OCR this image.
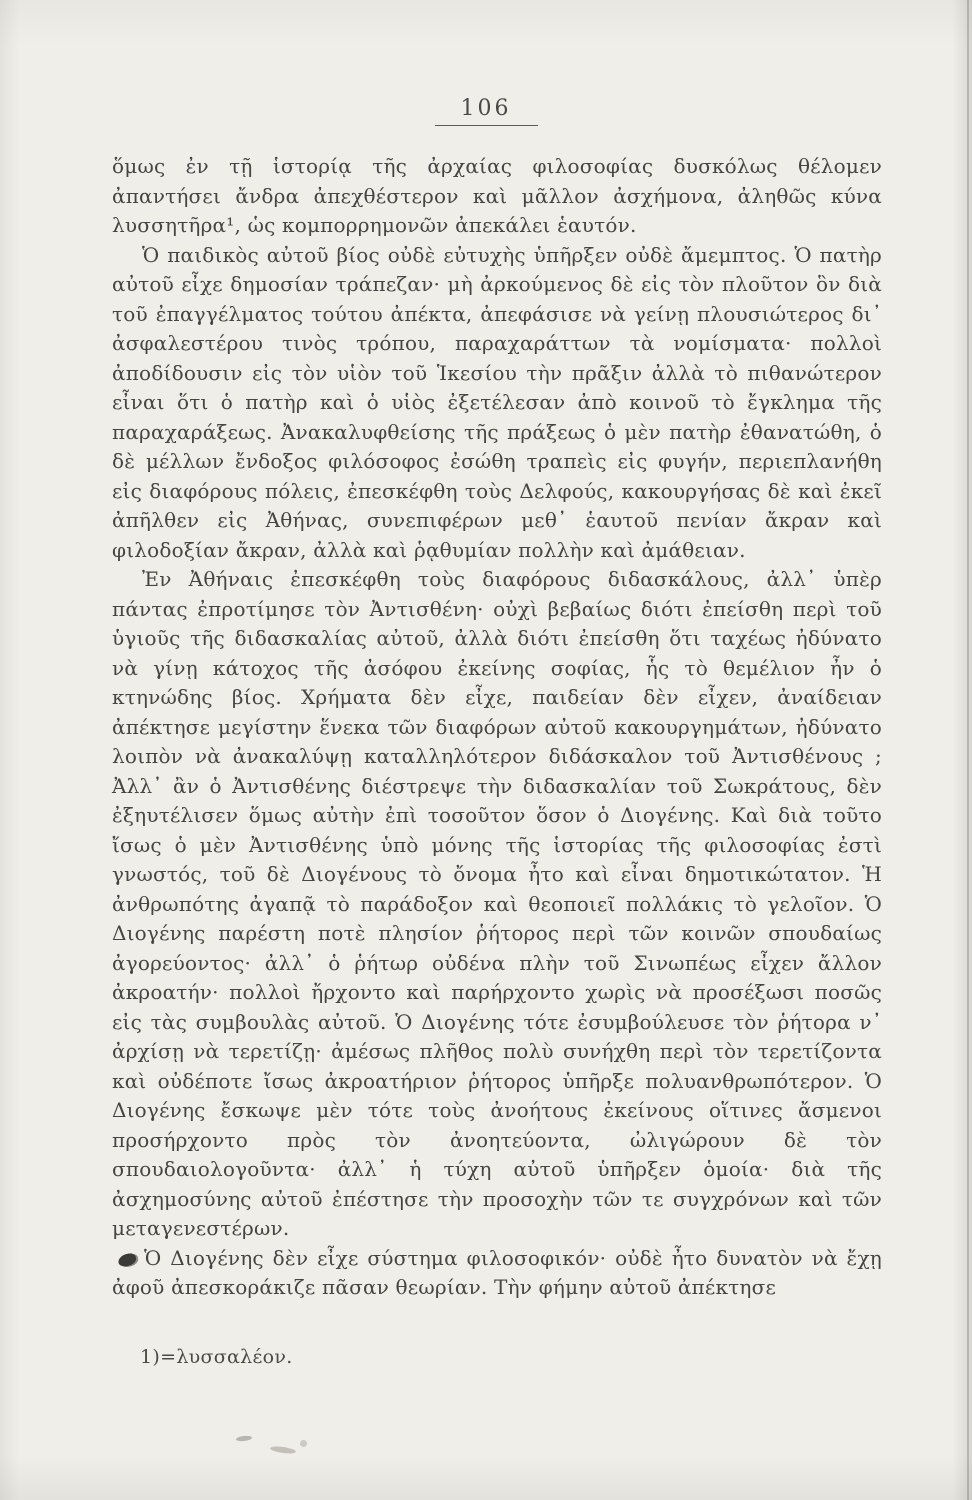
106

ὅμως ἐν τῇ ἱστορίᾳ τῆς ἀρχαίας φιλοσοφίας δυσκόλως θέλομεν ἀπαντήσει ἄνδρα ἀπεχθέστερον καὶ μᾶλλον ἀσχήμονα, ἀληθῶς κύνα λυσσητῆρα¹, ὡς κομπορρημονῶν ἀπεκάλει ἑαυτόν.

Ὁ παιδικὸς αὐτοῦ βίος οὐδὲ εὐτυχὴς ὑπῆρξεν οὐδὲ ἄμεμπτος. Ὁ πατὴρ αὐτοῦ εἶχε δημοσίαν τράπεζαν· μὴ ἀρκούμενος δὲ εἰς τὸν πλοῦτον ὃν διὰ τοῦ ἐπαγγέλματος τούτου ἀπέκτα, ἀπεφάσισε νὰ γείνῃ πλουσιώτερος δι᾽ ἀσφαλεστέρου τινὸς τρόπου, παραχαράττων τὰ νομίσματα· πολλοὶ ἀποδίδουσιν εἰς τὸν υἱὸν τοῦ Ἱκεσίου τὴν πρᾶξιν ἀλλὰ τὸ πιθανώτερον εἶναι ὅτι ὁ πατὴρ καὶ ὁ υἱὸς ἐξετέλεσαν ἀπὸ κοινοῦ τὸ ἔγκλημα τῆς παραχαράξεως. Ἀνακαλυφθείσης τῆς πράξεως ὁ μὲν πατὴρ ἐθανατώθη, ὁ δὲ μέλλων ἔνδοξος φιλόσοφος ἐσώθη τραπεὶς εἰς φυγήν, περιεπλανήθη εἰς διαφόρους πόλεις, ἐπεσκέφθη τοὺς Δελφούς, κακουργήσας δὲ καὶ ἐκεῖ ἀπῆλθεν εἰς Ἀθήνας, συνεπιφέρων μεθ᾽ ἑαυτοῦ πενίαν ἄκραν καὶ φιλοδοξίαν ἄκραν, ἀλλὰ καὶ ῥᾳθυμίαν πολλὴν καὶ ἀμάθειαν.

Ἐν Ἀθήναις ἐπεσκέφθη τοὺς διαφόρους διδασκάλους, ἀλλ᾽ ὑπὲρ πάντας ἐπροτίμησε τὸν Ἀντισθένη· οὐχὶ βεβαίως διότι ἐπείσθη περὶ τοῦ ὑγιοῦς τῆς διδασκαλίας αὐτοῦ, ἀλλὰ διότι ἐπείσθη ὅτι ταχέως ἠδύνατο νὰ γίνῃ κάτοχος τῆς ἀσόφου ἐκείνης σοφίας, ἧς τὸ θεμέλιον ἦν ὁ κτηνώδης βίος. Χρήματα δὲν εἶχε, παιδείαν δὲν εἶχεν, ἀναίδειαν ἀπέκτησε μεγίστην ἕνεκα τῶν διαφόρων αὐτοῦ κακουργημάτων, ἠδύνατο λοιπὸν νὰ ἀνακαλύψῃ καταλληλότερον διδάσκαλον τοῦ Ἀντισθένους ; Ἀλλ᾽ ἂν ὁ Ἀντισθένης διέστρεψε τὴν διδασκαλίαν τοῦ Σωκράτους, δὲν ἐξηυτέλισεν ὅμως αὐτὴν ἐπὶ τοσοῦτον ὅσον ὁ Διογένης. Καὶ διὰ τοῦτο ἴσως ὁ μὲν Ἀντισθένης ὑπὸ μόνης τῆς ἱστορίας τῆς φιλοσοφίας ἐστὶ γνωστός, τοῦ δὲ Διογένους τὸ ὄνομα ἦτο καὶ εἶναι δημοτικώτατον. Ἡ ἀνθρωπότης ἀγαπᾷ τὸ παράδοξον καὶ θεοποιεῖ πολλάκις τὸ γελοῖον. Ὁ Διογένης παρέστη ποτὲ πλησίον ῥήτορος περὶ τῶν κοινῶν σπουδαίως ἀγορεύοντος· ἀλλ᾽ ὁ ῥήτωρ οὐδένα πλὴν τοῦ Σινωπέως εἶχεν ἄλλον ἀκροατήν· πολλοὶ ἤρχοντο καὶ παρήρχοντο χωρὶς νὰ προσέξωσι ποσῶς εἰς τὰς συμβουλὰς αὐτοῦ. Ὁ Διογένης τότε ἐσυμβούλευσε τὸν ῥήτορα ν᾽ ἀρχίσῃ νὰ τερετίζῃ· ἀμέσως πλῆθος πολὺ συνήχθη περὶ τὸν τερετίζοντα καὶ οὐδέποτε ἴσως ἀκροατήριον ῥήτορος ὑπῆρξε πολυανθρωπότερον. Ὁ Διογένης ἔσκωψε μὲν τότε τοὺς ἀνοήτους ἐκείνους οἵτινες ἄσμενοι προσήρχοντο πρὸς τὸν ἀνοητεύοντα, ὠλιγώρουν δὲ τὸν σπουδαιολογοῦντα· ἀλλ᾽ ἡ τύχη αὐτοῦ ὑπῆρξεν ὁμοία· διὰ τῆς ἀσχημοσύνης αὐτοῦ ἐπέστησε τὴν προσοχὴν τῶν τε συγχρόνων καὶ τῶν μεταγενεστέρων.

Ὁ Διογένης δὲν εἶχε σύστημα φιλοσοφικόν· οὐδὲ ἦτο δυνατὸν νὰ ἔχῃ ἀφοῦ ἀπεσκοράκιζε πᾶσαν θεωρίαν. Τὴν φήμην αὐτοῦ ἀπέκτησε

1)=λυσσαλέον.
